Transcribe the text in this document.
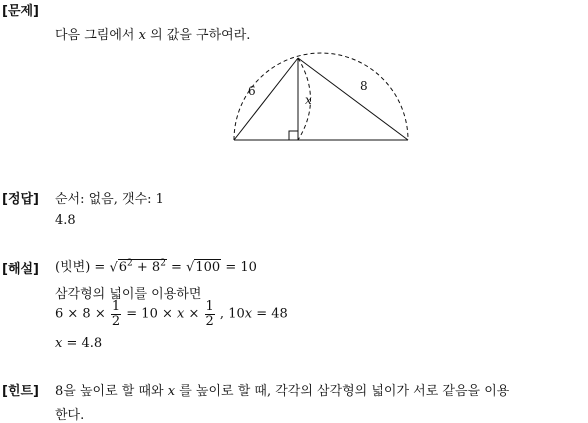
[문제]
다음 그림에서 x 의 값을 구하여라.
6	8
x
[정답] 순서: 없음, 갯수: 1
4.8
[해설] (빗변) = $√6^2 + 8^2 = √100 = 10$
삼각형의 넓이를 이용하면
$6 \times 8 \times \frac{1}{2} = 10 \times x \times \frac{1}{2}$ , 10x = 48
x = 4.8
[힌트] 8을 높이로 할 때와 x 를 높이로 할 때, 각각의 삼각형의 넓이가 서로 같음을 이용
한다.
